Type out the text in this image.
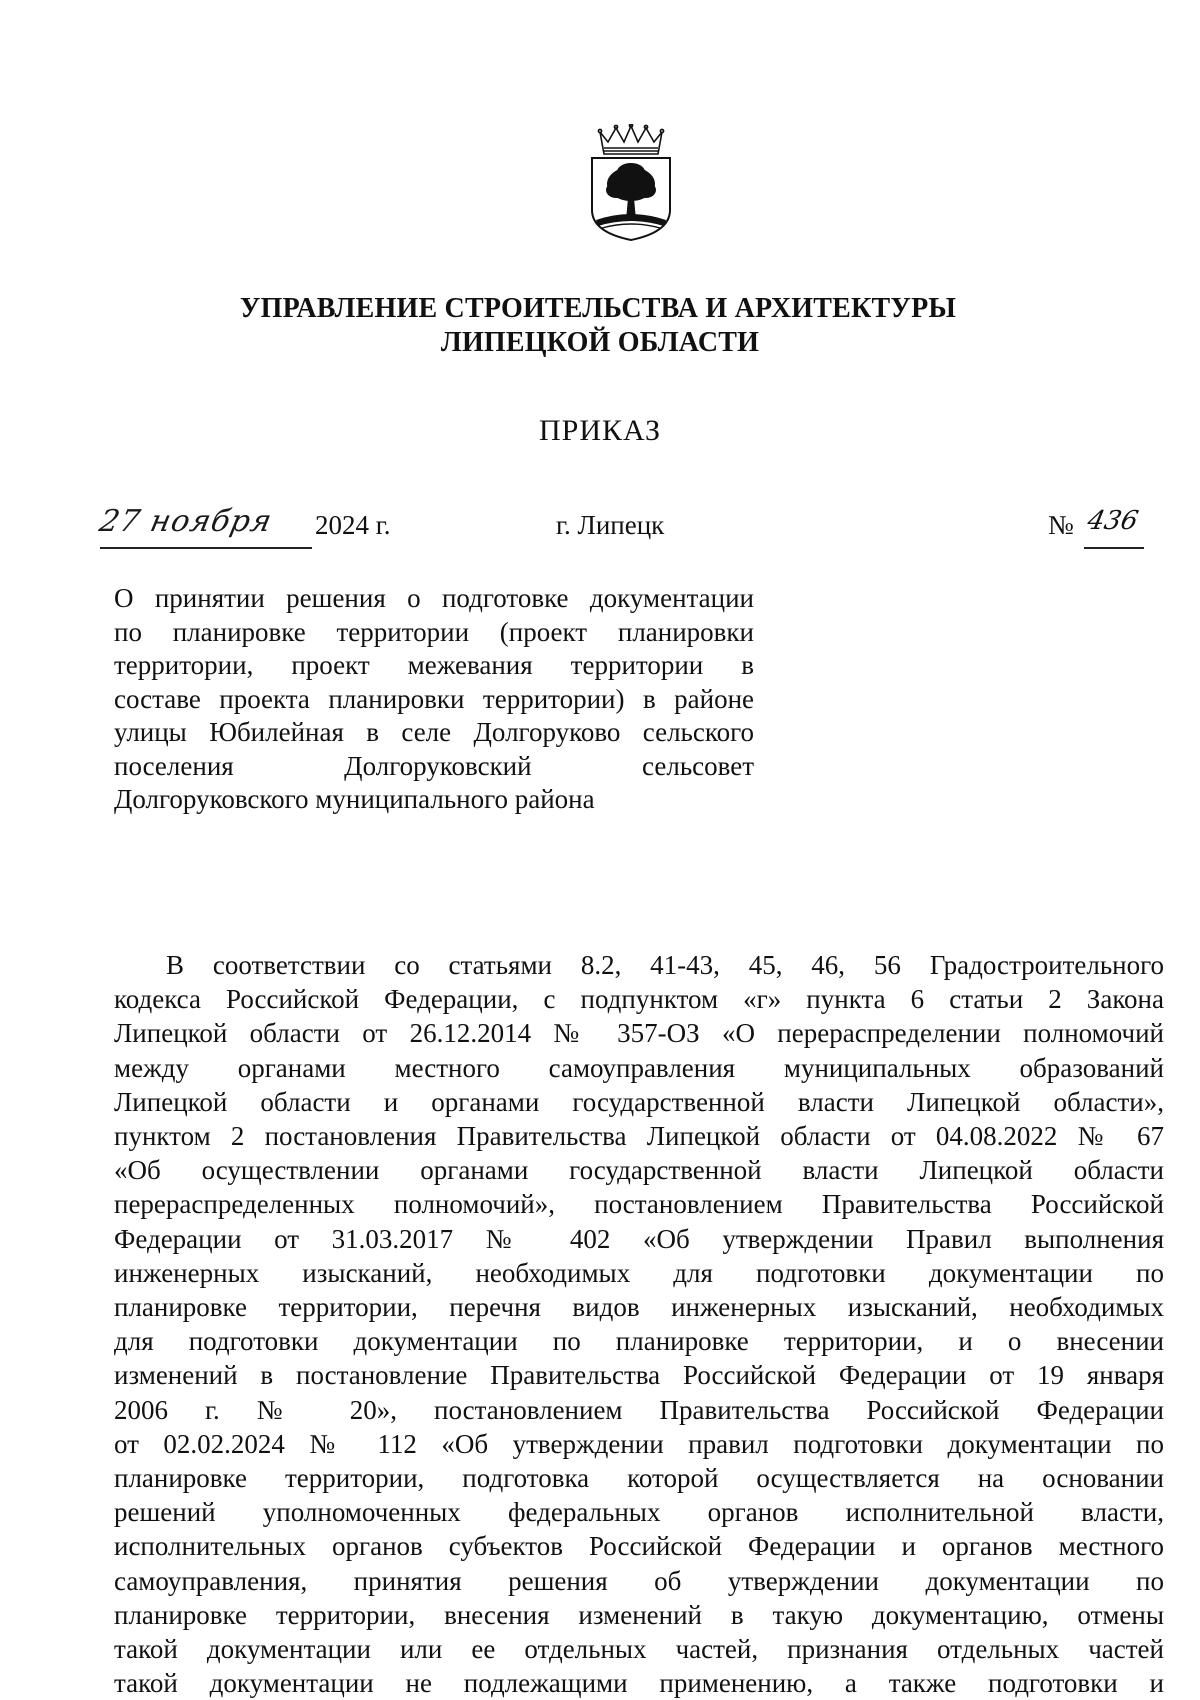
УПРАВЛЕНИЕ СТРОИТЕЛЬСТВА И АРХИТЕКТУРЫ
ЛИПЕЦКОЙ ОБЛАСТИ
ПРИКАЗ
27 ноября 2024 г.	г. Липецк	№ 436
О принятии решения о подготовке документации
по планировке территории (проект планировки
территории, проект межевания территории в
составе проекта планировки территории) в районе
улицы Юбилейная в селе Долгоруково сельского
поселения Долгоруковский сельсовет
Долгоруковского муниципального района
В соответствии со статьями 8.2, 41-43, 45, 46, 56 Градостроительного
кодекса Российской Федерации, с подпунктом «г» пункта 6 статьи 2 Закона
Липецкой области от 26.12.2014 № 357-ОЗ «О перераспределении полномочий
между органами местного самоуправления муниципальных образований
Липецкой области и органами государственной власти Липецкой области»,
пунктом 2 постановления Правительства Липецкой области от 04.08.2022 № 67
«Об осуществлении органами государственной власти Липецкой области
перераспределенных полномочий», постановлением Правительства Российской
Федерации от 31.03.2017 № 402 «Об утверждении Правил выполнения
инженерных изысканий, необходимых для подготовки документации по
планировке территории, перечня видов инженерных изысканий, необходимых
для подготовки документации по планировке территории, и о внесении
изменений в постановление Правительства Российской Федерации от 19 января
2006 г. № 20», постановлением Правительства Российской Федерации
от 02.02.2024 № 112 «Об утверждении правил подготовки документации по
планировке территории, подготовка которой осуществляется на основании
решений уполномоченных федеральных органов исполнительной власти,
исполнительных органов субъектов Российской Федерации и органов местного
самоуправления, принятия решения об утверждении документации по
планировке территории, внесения изменений в такую документацию, отмены
такой документации или ее отдельных частей, признания отдельных частей
такой документации не подлежащими применению, а также подготовки и
